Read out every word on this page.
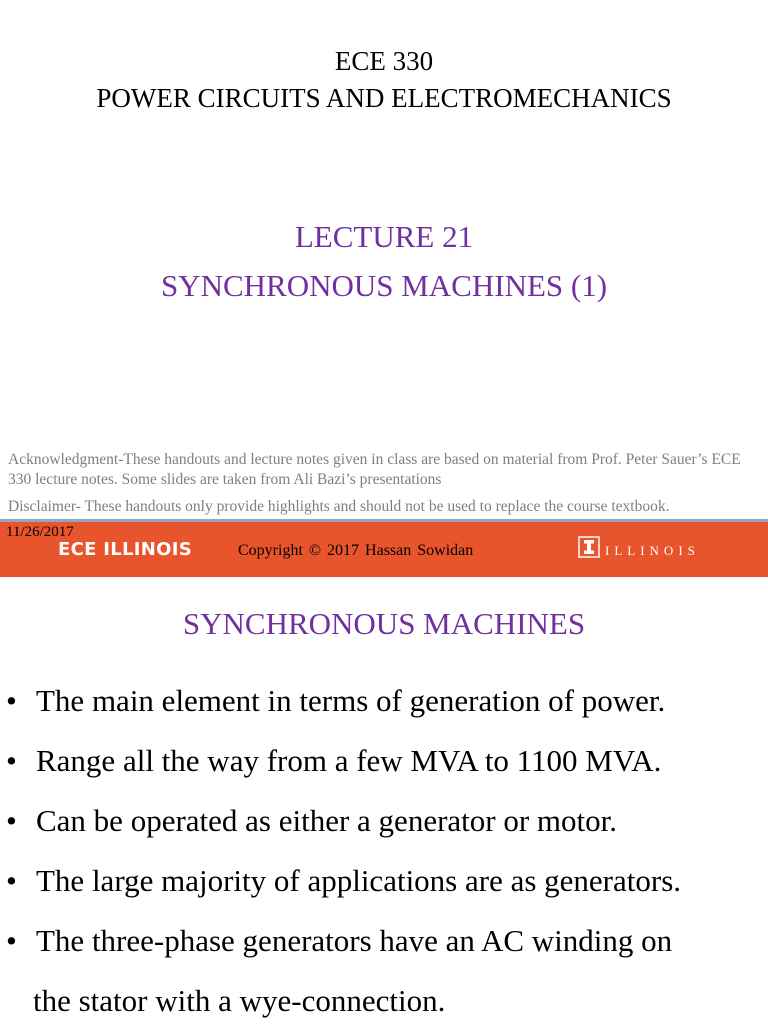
ECE 330
POWER CIRCUITS AND ELECTROMECHANICS
LECTURE 21
SYNCHRONOUS MACHINES (1)
Acknowledgment-These handouts and lecture notes given in class are based on material from Prof. Peter Sauer’s ECE 330 lecture notes. Some slides are taken from Ali Bazi’s presentations
Disclaimer- These handouts only provide highlights and should not be used to replace the course textbook.
11/26/2017
ECE ILLINOIS	Copyright © 2017 Hassan Sowidan	ILLINOIS
SYNCHRONOUS MACHINES
• The main element in terms of generation of power.
• Range all the way from a few MVA to 1100 MVA.
• Can be operated as either a generator or motor.
• The large majority of applications are as generators.
• The three-phase generators have an AC winding on
the stator with a wye-connection.
